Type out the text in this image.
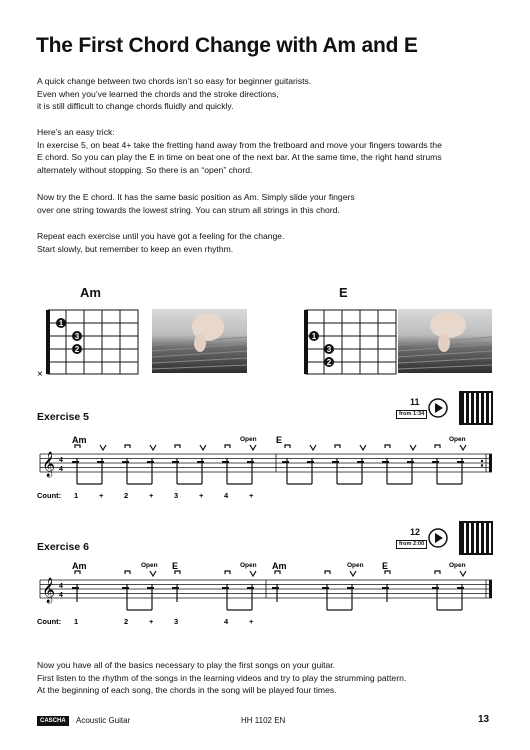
The First Chord Change with Am and E
A quick change between two chords isn’t so easy for beginner guitarists.
Even when you’ve learned the chords and the stroke directions,
it is still difficult to change chords fluidly and quickly.
Here’s an easy trick:
In exercise 5, on beat 4+ take the fretting hand away from the fretboard and move your fingers towards the
E chord. So you can play the E in time on beat one of the next bar. At the same time, the right hand strums
alternately without stopping. So there is an “open” chord.
Now try the E chord. It has the same basic position as Am. Simply slide your fingers
over one string towards the lowest string. You can strum all strings in this chord.
Repeat each exercise until you have got a feeling for the change.
Start slowly, but remember to keep an even rhythm.
Am
1
3
2
×
E
1
3
2
Exercise 5
11
from 1:34
Am	E
Open	Open
𝄞 4
4
Count: 1	+	2	+	3	+	4	+
Exercise 6
12
from 2:00
Am	E	Am	E
Open	Open	Open	Open
𝄞 4
4
Count: 1	2	+	3	4	+
Now you have all of the basics necessary to play the first songs on your guitar.
First listen to the rhythm of the songs in the learning videos and try to play the strumming pattern.
At the beginning of each song, the chords in the song will be played four times.
CASCHA	Acoustic Guitar	HH 1102 EN	13
